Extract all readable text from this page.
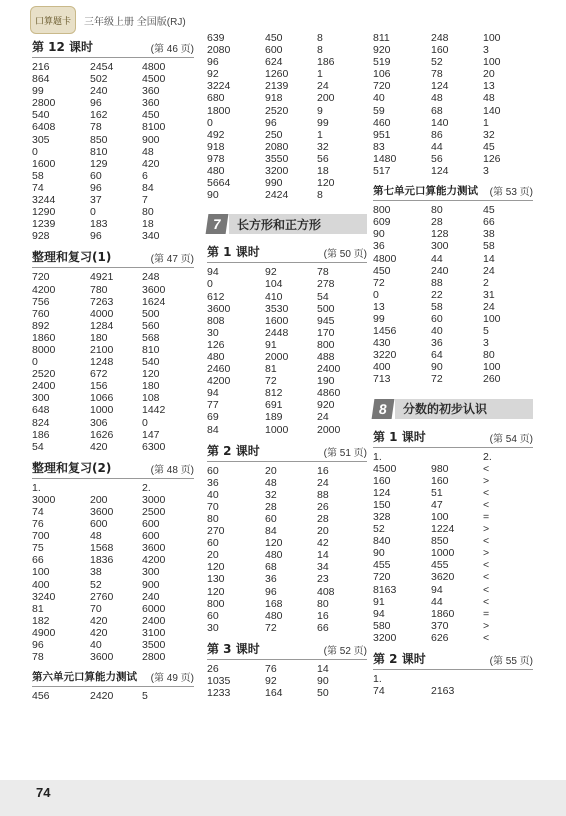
口算题卡	三年级上册 全国版(RJ)
第 12 课时	(第 46 页)
216	2454	4800
864	502	4500
99	240	360
2800	96	360
540	162	450
6408	78	8100
305	850	900
0	810	48
1600	129	420
58	60	6
74	96	84
3244	37	7
1290	0	80
1239	183	18
928	96	340
整理和复习(1)	(第 47 页)
720	4921	248
4200	780	3600
756	7263	1624
760	4000	500
892	1284	560
1860	180	568
8000	2100	810
0	1248	540
2520	672	120
2400	156	180
300	1066	108
648	1000	1442
824	306	0
186	1626	147
54	420	6300
整理和复习(2)	(第 48 页)
1.	2.
3000	200	3000
74	3600	2500
76	600	600
700	48	600
75	1568	3600
66	1836	4200
100	38	300
400	52	900
3240	2760	240
81	70	6000
182	420	2400
4900	420	3100
96	40	3500
78	3600	2800
第六单元口算能力测试 (第 49 页)
456	2420	5
639	450	8
2080	600	8
96	624	186
92	1260	1
3224	2139	24
680	918	200
1800	2520	9
0	96	99
492	250	1
918	2080	32
978	3550	56
480	3200	18
5664	990	120
90	2424	8
7	长方形和正方形
第 1 课时	(第 50 页)
94	92	78
0	104	278
612	410	54
3600	3530	500
808	1600	945
30	2448	170
126	91	800
480	2000	488
2460	81	2400
4200	72	190
94	812	4860
77	691	920
69	189	24
84	1000	2000
第 2 课时	(第 51 页)
60	20	16
36	48	24
40	32	88
70	28	26
80	60	28
270	84	20
60	120	42
20	480	14
120	68	34
130	36	23
120	96	408
800	168	80
60	480	16
30	72	66
第 3 课时	(第 52 页)
26	76	14
1035	92	90
1233	164	50
811	248	100
920	160	3
519	52	100
106	78	20
720	124	13
40	48	48
59	68	140
460	140	1
951	86	32
83	44	45
1480	56	126
517	124	3
第七单元口算能力测试 (第 53 页)
800	80	45
609	28	66
90	128	38
36	300	58
4800	44	14
450	240	24
72	88	2
0	22	31
13	58	24
99	60	100
1456	40	5
430	36	3
3220	64	80
400	90	100
713	72	260
8	分数的初步认识
第 1 课时	(第 54 页)
1.	2.
4500	980	<
160	160	>
124	51	<
150	47	<
328	100	=
52	1224	>
840	850	<
90	1000	>
455	455	<
720	3620	<
8163	94	<
91	44	<
94	1860	=
580	370	>
3200	626	<
第 2 课时	(第 55 页)
1.
74	2163
74
